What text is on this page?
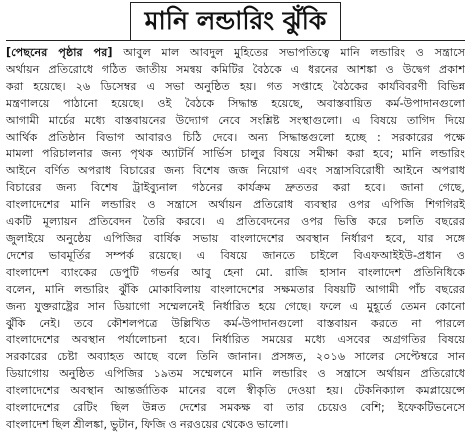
মানি লন্ডারিং ঝুঁকি
[পেছনের পৃষ্ঠার পর] আবুল মাল আবদুল মুহিতের সভাপতিত্বে মানি লন্ডারিং ও সন্ত্রাসে
অর্থায়ন প্রতিরোধে গঠিত জাতীয় সমন্বয় কমিটির বৈঠকে এ ধরনের আশঙ্কা ও উদ্বেগ প্রকাশ
করা হয়েছে। ২৬ ডিসেম্বর এ সভা অনুষ্ঠিত হয়। গত সপ্তাহে বৈঠকের কার্যবিবরণী বিভিন্ন
মন্ত্রণালয়ে পাঠানো হয়েছে। ওই বৈঠকে সিদ্ধান্ত হয়েছে, অবাস্তবায়িত কর্ম-উপাদানগুলো
আগামী মার্চের মধ্যে বাস্তবায়নের উদ্যোগ নেবে সংশ্লিষ্ট সংস্থাগুলো। এ বিষয়ে তাগিদ দিয়ে
আর্থিক প্রতিষ্ঠান বিভাগ আবারও চিঠি দেবে। অন্য সিদ্ধান্তগুলো হচ্ছে : সরকারের পক্ষে
মামলা পরিচালনার জন্য পৃথক অ্যাটর্নি সার্ভিস চালুর বিষয়ে সমীক্ষা করা হবে; মানি লন্ডারিং
আইনে বর্ণিত অপরাধ বিচারের জন্য বিশেষ জজ নিয়োগ এবং সন্ত্রাসবিরোধী আইনে অপরাধ
বিচারের জন্য বিশেষ ট্রাইব্যুনাল গঠনের কার্যক্রম দ্রুততর করা হবে। জানা গেছে,
বাংলাদেশের মানি লন্ডারিং ও সন্ত্রাসে অর্থায়ন প্রতিরোধ ব্যবস্থার ওপর এপিজি শিগগিরই
একটি মূল্যায়ন প্রতিবেদন তৈরি করবে। এ প্রতিবেদনের ওপর ভিত্তি করে চলতি বছরের
জুলাইয়ে অনুষ্ঠেয় এপিজির বার্ষিক সভায় বাংলাদেশের অবস্থান নির্ধারণ হবে, যার সঙ্গে
দেশের ভাবমূর্তির সম্পর্ক রয়েছে। এ বিষয়ে জানতে চাইলে বিএফআইইউ-প্রধান ও
বাংলাদেশ ব্যাংকের ডেপুটি গভর্নর আবু হেনা মো. রাজি হাসান বাংলাদেশ প্রতিনিধিকে
বলেন, মানি লন্ডারিং ঝুঁকি মোকাবিলায় বাংলাদেশের সক্ষমতার বিষয়টি আগামী পাঁচ বছরের
জন্য যুক্তরাষ্ট্রের সান ডিয়াগো সম্মেলনেই নির্ধারিত হয়ে গেছে। ফলে এ মুহূর্তে তেমন কোনো
ঝুঁকি নেই। তবে কৌশলপত্রে উল্লিখিত কর্ম-উপাদানগুলো বাস্তবায়ন করতে না পারলে
বাংলাদেশের অবস্থান পর্যালোচনা হবে। নির্ধারিত সময়ের মধ্যে এসবের অগ্রগতির বিষয়ে
সরকারের চেষ্টা অব্যাহত আছে বলে তিনি জানান। প্রসঙ্গত, ২০১৬ সালের সেপ্টেম্বরে সান
ডিয়াগোয় অনুষ্ঠিত এপিজির ১৯তম সম্মেলনে মানি লন্ডারিং ও সন্ত্রাসে অর্থায়ন প্রতিরোধে
বাংলাদেশের অবস্থান আন্তর্জাতিক মানের বলে স্বীকৃতি দেওয়া হয়। টেকনিক্যাল কমপ্লায়েন্সে
বাংলাদেশের রেটিং ছিল উন্নত দেশের সমকক্ষ বা তার চেয়েও বেশি; ইফেকটিভনেসে
বাংলাদেশ ছিল শ্রীলঙ্কা, ভুটান, ফিজি ও নরওয়ের থেকেও ভালো।
